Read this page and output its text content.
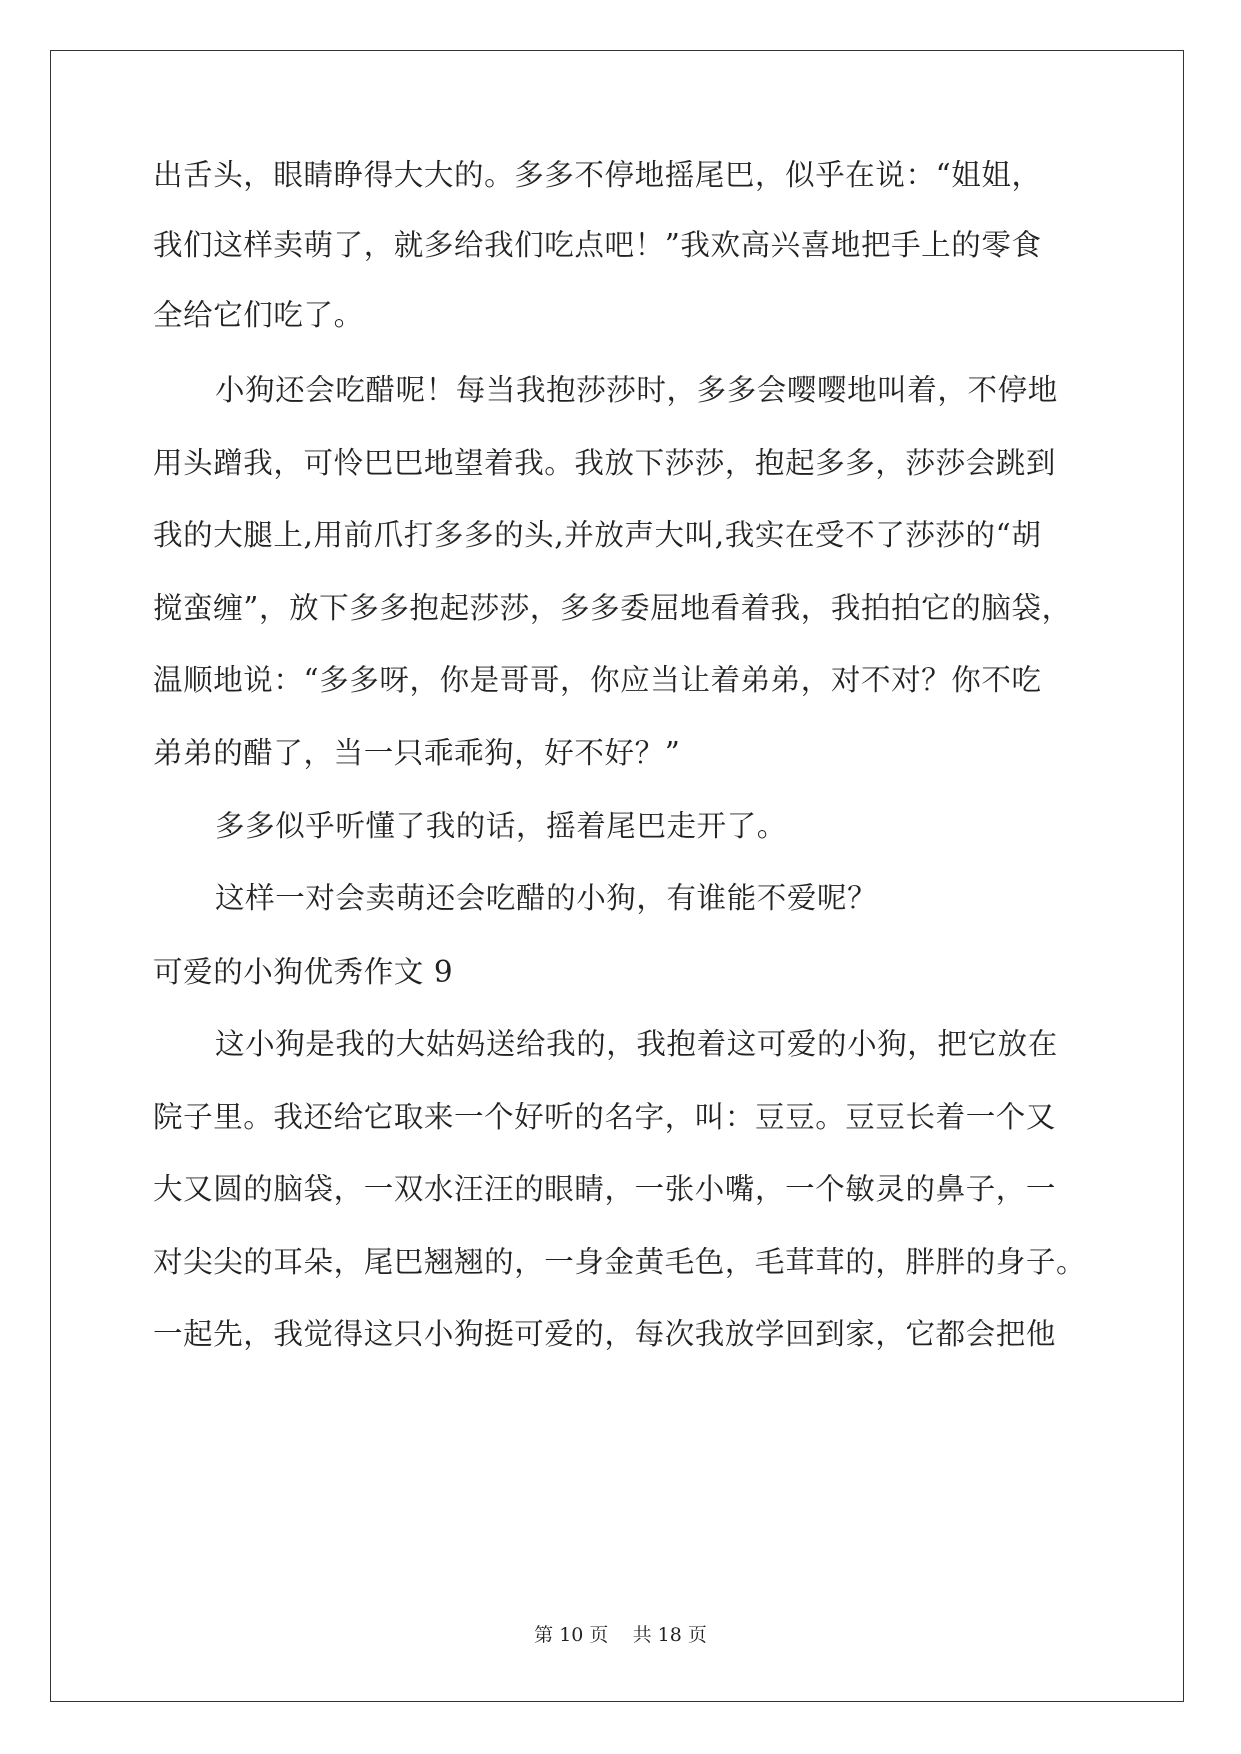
出舌头，眼睛睁得大大的。多多不停地摇尾巴，似乎在说：“姐姐，
我们这样卖萌了，就多给我们吃点吧！”我欢高兴喜地把手上的零食
全给它们吃了。
小狗还会吃醋呢！每当我抱莎莎时，多多会嘤嘤地叫着，不停地
用头蹭我，可怜巴巴地望着我。我放下莎莎，抱起多多，莎莎会跳到
我的大腿上,用前爪打多多的头,并放声大叫,我实在受不了莎莎的“胡
搅蛮缠”，放下多多抱起莎莎，多多委屈地看着我，我拍拍它的脑袋，
温顺地说：“多多呀，你是哥哥，你应当让着弟弟，对不对？你不吃
弟弟的醋了，当一只乖乖狗，好不好？”
多多似乎听懂了我的话，摇着尾巴走开了。
这样一对会卖萌还会吃醋的小狗，有谁能不爱呢？
可爱的小狗优秀作文 9
这小狗是我的大姑妈送给我的，我抱着这可爱的小狗，把它放在
院子里。我还给它取来一个好听的名字，叫：豆豆。豆豆长着一个又
大又圆的脑袋，一双水汪汪的眼睛，一张小嘴，一个敏灵的鼻子，一
对尖尖的耳朵，尾巴翘翘的，一身金黄毛色，毛茸茸的，胖胖的身子。
一起先，我觉得这只小狗挺可爱的，每次我放学回到家，它都会把他
第 10 页    共 18 页
